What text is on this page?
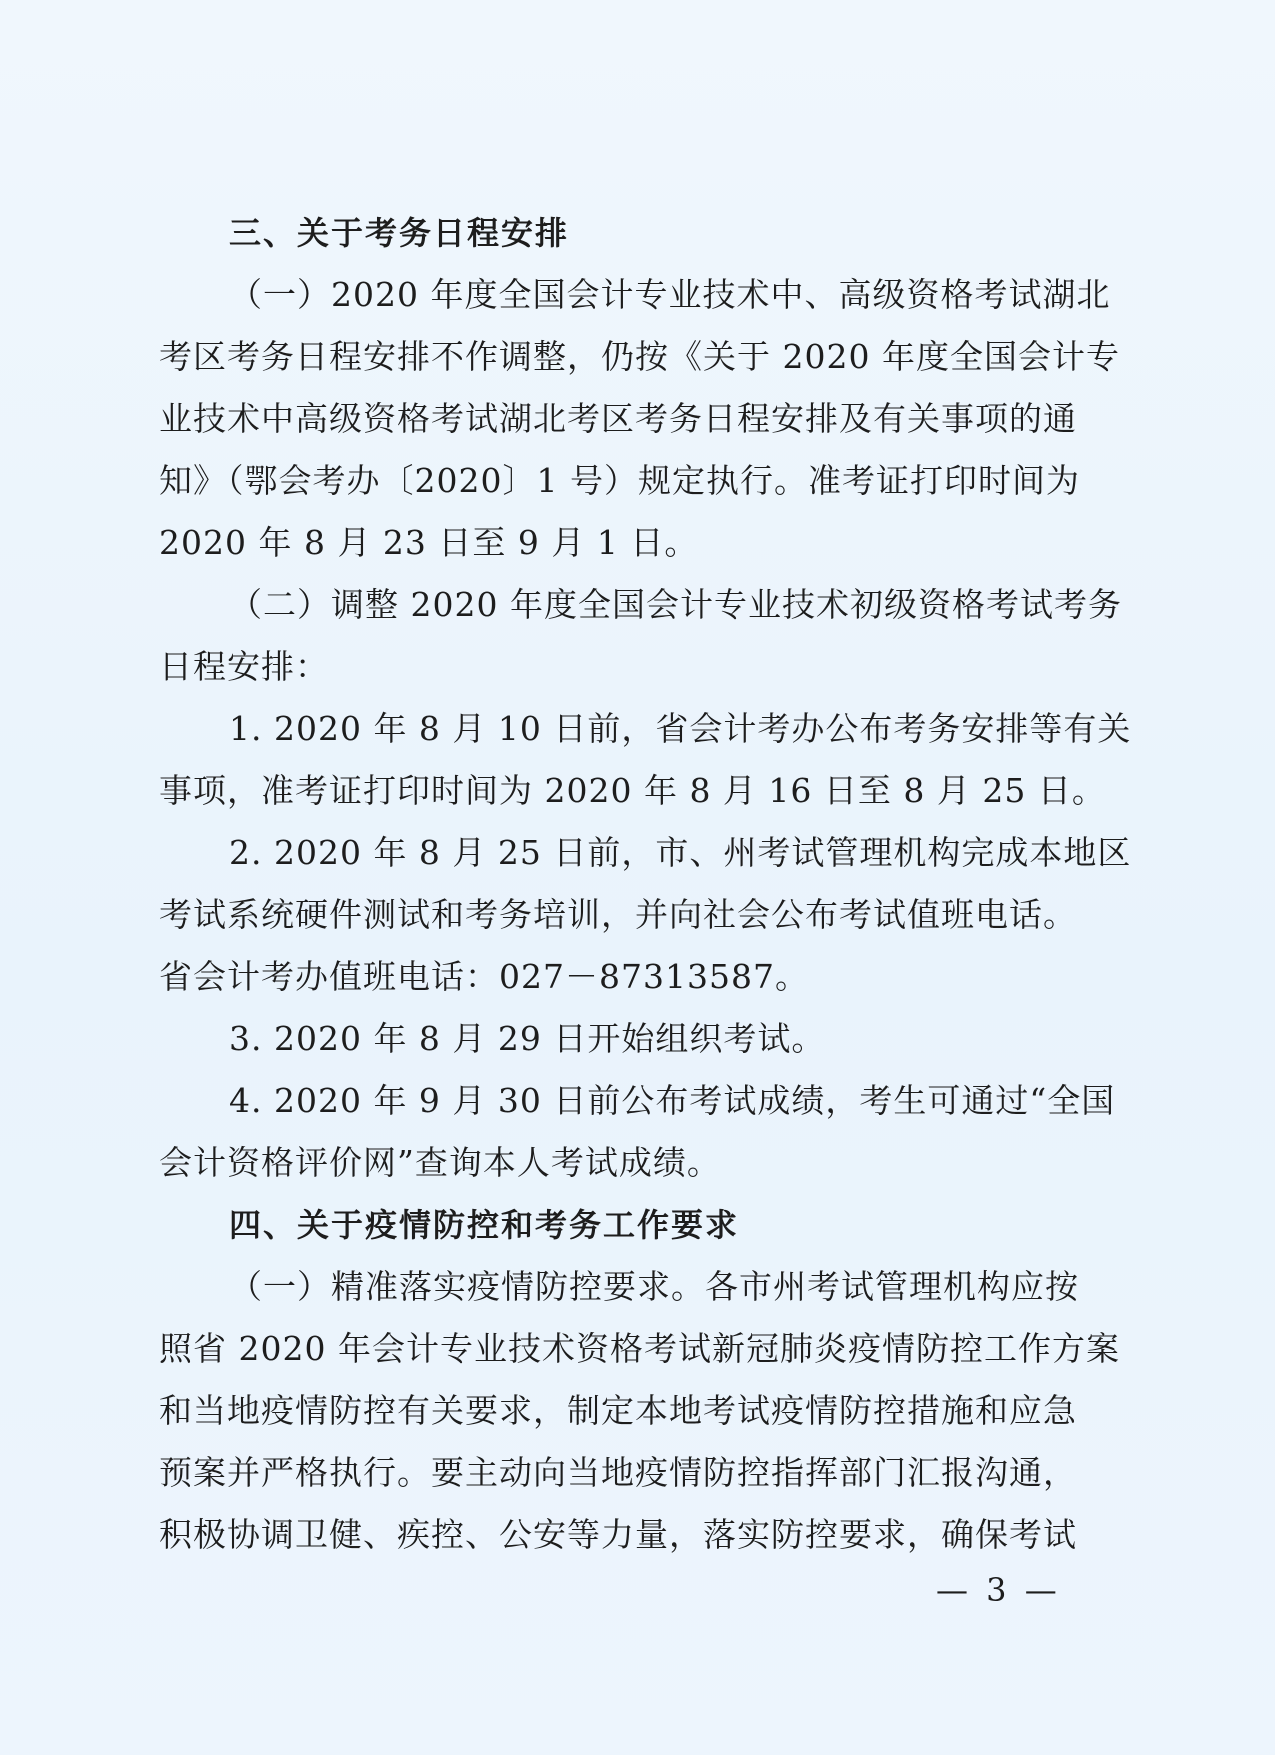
三、关于考务日程安排
（一）2020 年度全国会计专业技术中、高级资格考试湖北
考区考务日程安排不作调整，仍按《关于 2020 年度全国会计专
业技术中高级资格考试湖北考区考务日程安排及有关事项的通
知》（鄂会考办〔2020〕1 号）规定执行。准考证打印时间为
2020 年 8 月 23 日至 9 月 1 日。
（二）调整 2020 年度全国会计专业技术初级资格考试考务
日程安排：
1. 2020 年 8 月 10 日前，省会计考办公布考务安排等有关
事项，准考证打印时间为 2020 年 8 月 16 日至 8 月 25 日。
2. 2020 年 8 月 25 日前，市、州考试管理机构完成本地区
考试系统硬件测试和考务培训，并向社会公布考试值班电话。
省会计考办值班电话：027－87313587。
3. 2020 年 8 月 29 日开始组织考试。
4. 2020 年 9 月 30 日前公布考试成绩，考生可通过“全国
会计资格评价网”查询本人考试成绩。
四、关于疫情防控和考务工作要求
（一）精准落实疫情防控要求。各市州考试管理机构应按
照省 2020 年会计专业技术资格考试新冠肺炎疫情防控工作方案
和当地疫情防控有关要求，制定本地考试疫情防控措施和应急
预案并严格执行。要主动向当地疫情防控指挥部门汇报沟通，
积极协调卫健、疾控、公安等力量，落实防控要求，确保考试
— 3 —
